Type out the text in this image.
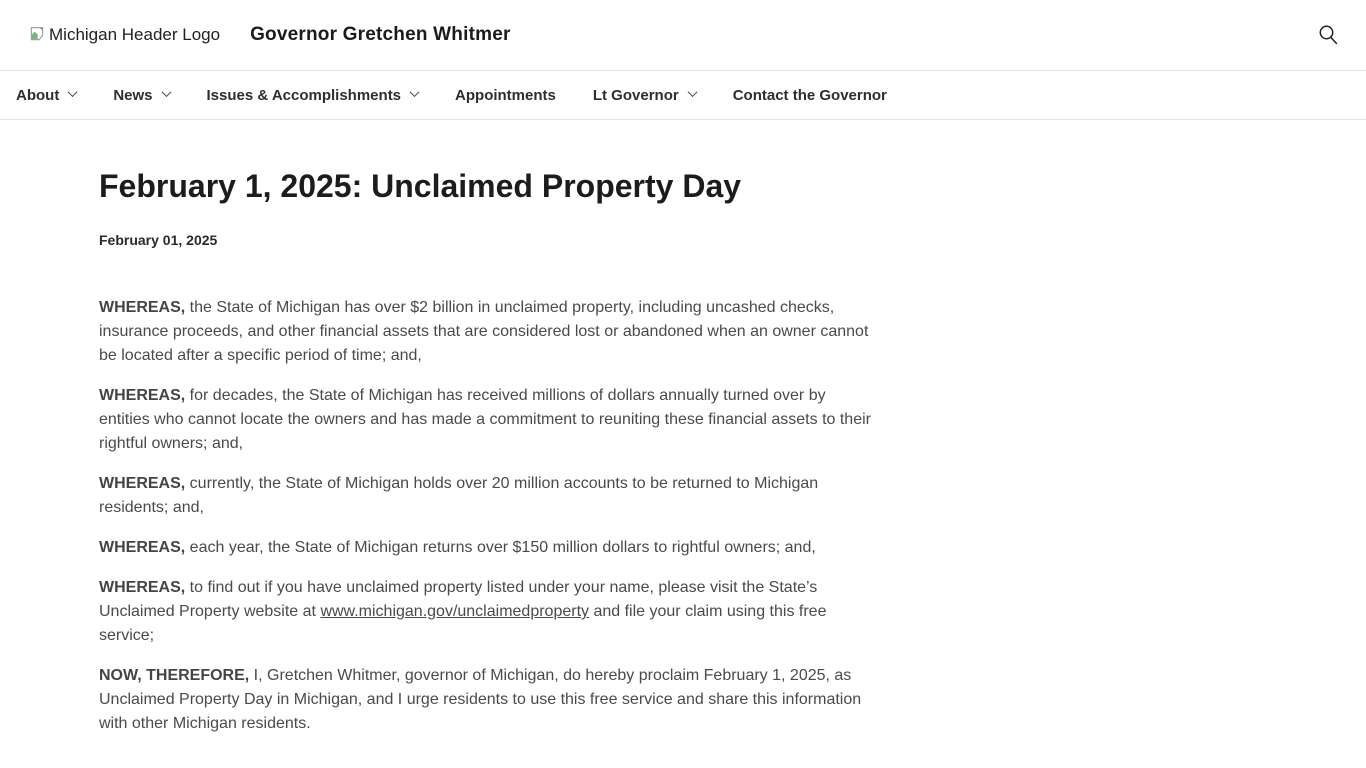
Michigan Header Logo Governor Gretchen Whitmer
About	News	Issues & Accomplishments	Appointments Lt Governor	Contact the Governor
February 1, 2025: Unclaimed Property Day
February 01, 2025

WHEREAS, the State of Michigan has over $2 billion in unclaimed property, including uncashed checks, insurance proceeds, and other financial assets that are considered lost or abandoned when an owner cannot be located after a specific period of time; and,

WHEREAS, for decades, the State of Michigan has received millions of dollars annually turned over by entities who cannot locate the owners and has made a commitment to reuniting these financial assets to their rightful owners; and,

WHEREAS, currently, the State of Michigan holds over 20 million accounts to be returned to Michigan residents; and,

WHEREAS, each year, the State of Michigan returns over $150 million dollars to rightful owners; and,

WHEREAS, to find out if you have unclaimed property listed under your name, please visit the State’s Unclaimed Property website at www.michigan.gov/unclaimedproperty and file your claim using this free service;

NOW, THEREFORE, I, Gretchen Whitmer, governor of Michigan, do hereby proclaim February 1, 2025, as Unclaimed Property Day in Michigan, and I urge residents to use this free service and share this information with other Michigan residents.
